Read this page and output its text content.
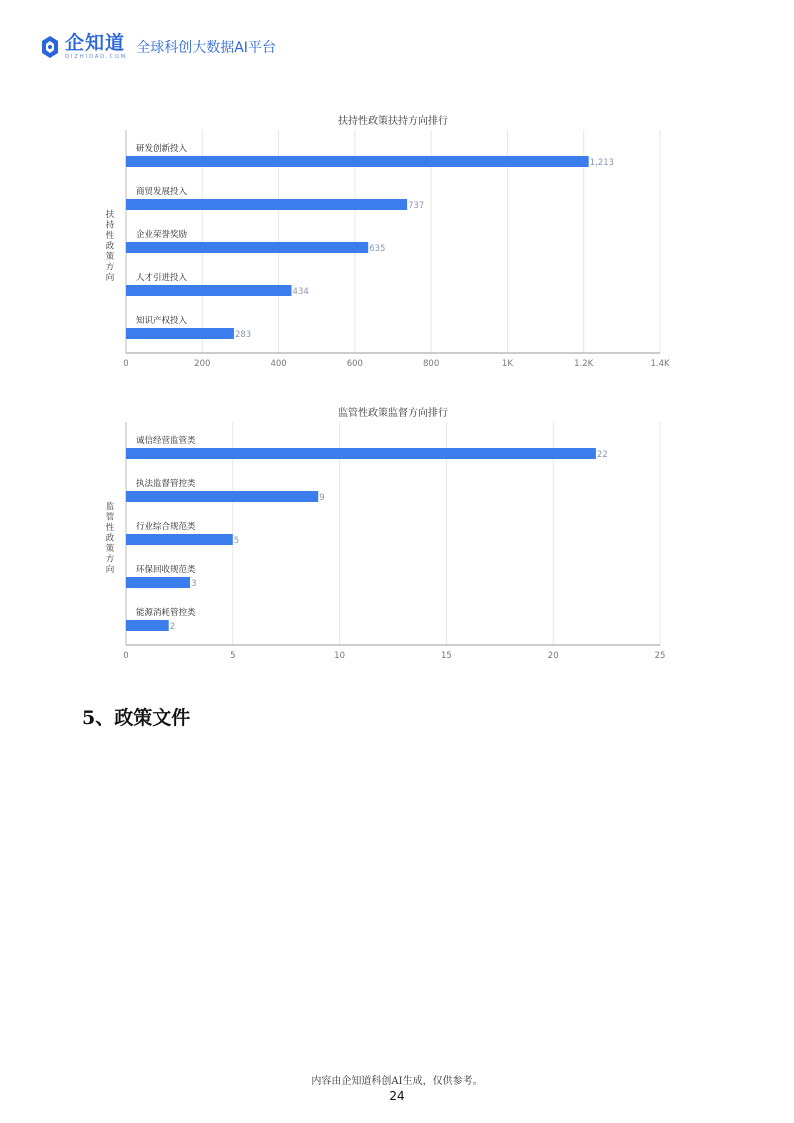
企知道
QIZHIDAO.COM
全球科创大数据AI平台
扶持性政策扶持方向排行
0	200	400	600	800	1K	1.2K	1.4K
研发创新投入
1,213
商贸发展投入
737
企业荣誉奖励
635
人才引进投入
434
知识产权投入
283
扶持性政策方向
监管性政策监督方向排行
0	5	10	15	20	25
诚信经营监管类
22
执法监督管控类
9
行业综合规范类
5
环保回收规范类
3
能源消耗管控类
2
监管性政策方向
5、政策文件
内容由企知道科创AI生成，仅供参考。
24
